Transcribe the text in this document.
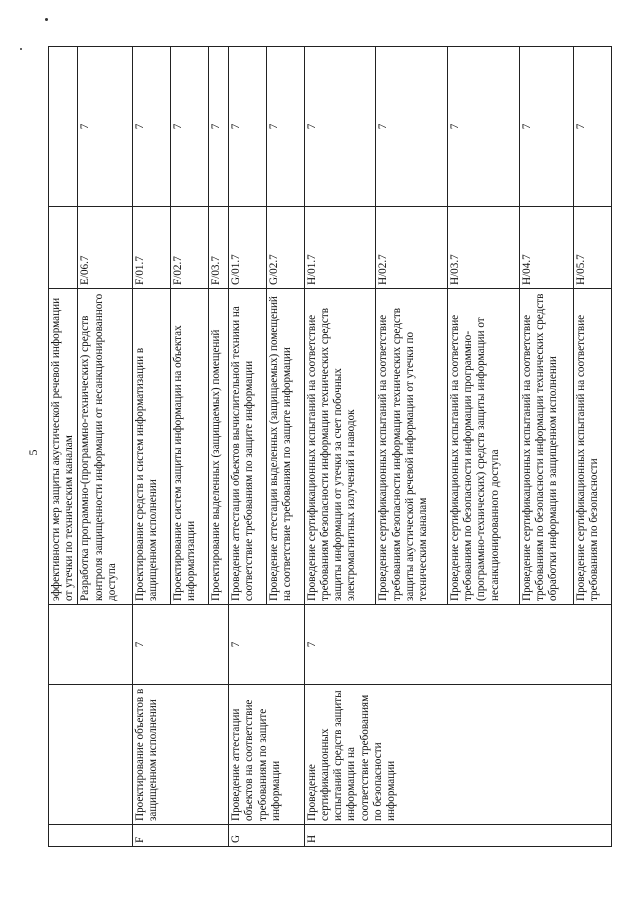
5
			эффективности мер защиты акустической речевой информации от утечки по техническим каналам		
			Разработка программно-(программно-технических) средств контроля защищенности информации от несанкционированного доступа	E/06.7	7
F	Проектирование объектов в защищенном исполнении	7	Проектирование средств и систем информатизации в защищенном исполнении	F/01.7	7
			Проектирование систем защиты информации на объектах информатизации	F/02.7	7
			Проектирование выделенных (защищаемых) помещений	F/03.7	7
G	Проведение аттестации объектов на соответствие требованиям по защите информации	7	Проведение аттестации объектов вычислительной техники на соответствие требованиям по защите информации	G/01.7	7
			Проведение аттестации выделенных (защищаемых) помещений на соответствие требованиям по защите информации	G/02.7	7
H	Проведение сертификационных испытаний средств защиты информации на соответствие требованиям по безопасности информации	7	Проведение сертификационных испытаний на соответствие требованиям безопасности информации технических средств защиты информации от утечки за счет побочных электромагнитных излучений и наводок	H/01.7	7
			Проведение сертификационных испытаний на соответствие требованиям безопасности информации технических средств защиты акустической речевой информации от утечки по техническим каналам	H/02.7	7
			Проведение сертификационных испытаний на соответствие требованиям по безопасности информации программно-(программно-технических) средств защиты информации от несанкционированного доступа	H/03.7	7
			Проведение сертификационных испытаний на соответствие требованиям по безопасности информации технических средств обработки информации в защищенном исполнении	H/04.7	7
			Проведение сертификационных испытаний на соответствие требованиям по безопасности	H/05.7	7
